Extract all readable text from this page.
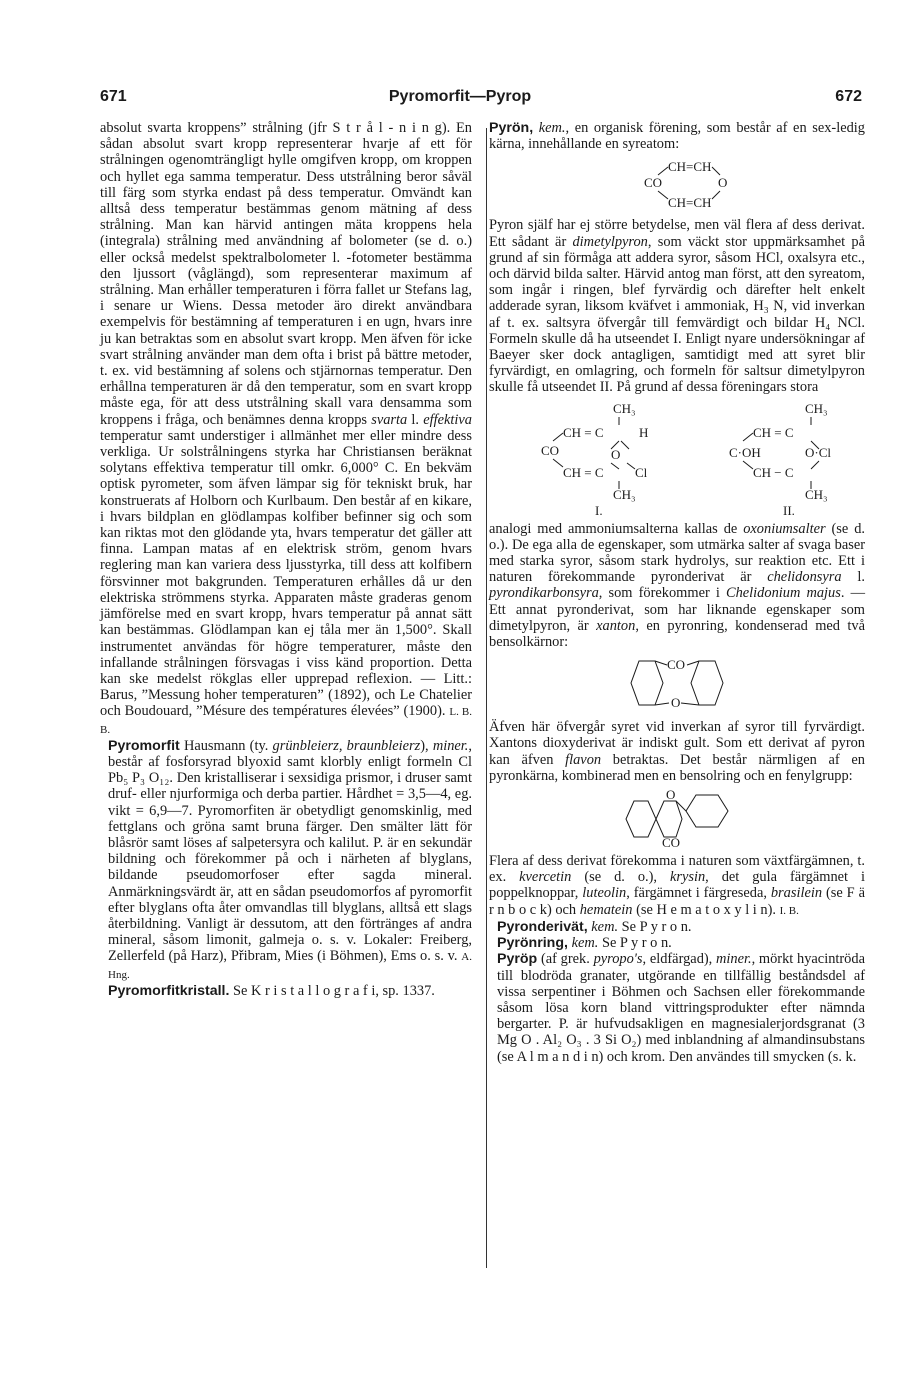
671	Pyromorfit—Pyrop	672

absolut svarta kroppens” strålning (jfr S t r å l - n i n g). En sådan absolut svart kropp representerar hvarje af ett för strålningen ogenomträngligt hylle omgifven kropp, om kroppen och hyllet ega samma temperatur. Dess utstrålning beror såväl till färg som styrka endast på dess temperatur. Omvändt kan alltså dess temperatur bestämmas genom mätning af dess strålning. Man kan härvid antingen mäta kroppens hela (integrala) strålning med användning af bolometer (se d. o.) eller också medelst spektralbolometer l. -fotometer bestämma den ljussort (våglängd), som representerar maximum af strålning. Man erhåller temperaturen i förra fallet ur Stefans lag, i senare ur Wiens. Dessa metoder äro direkt användbara exempelvis för bestämning af temperaturen i en ugn, hvars inre ju kan betraktas som en absolut svart kropp. Men äfven för icke svart strålning använder man dem ofta i brist på bättre metoder, t. ex. vid bestämning af solens och stjärnornas temperatur. Den erhållna temperaturen är då den temperatur, som en svart kropp måste ega, för att dess utstrålning skall vara densamma som kroppens i fråga, och benämnes denna kropps svarta l. effektiva temperatur samt understiger i allmänhet mer eller mindre dess verkliga. Ur solstrålningens styrka har Christiansen beräknat solytans effektiva temperatur till omkr. 6,000° C. En bekväm optisk pyrometer, som äfven lämpar sig för tekniskt bruk, har konstruerats af Holborn och Kurlbaum. Den består af en kikare, i hvars bildplan en glödlampas kolfiber befinner sig och som kan riktas mot den glödande yta, hvars temperatur det gäller att finna. Lampan matas af en elektrisk ström, genom hvars reglering man kan variera dess ljusstyrka, till dess att kolfibern försvinner mot bakgrunden. Temperaturen erhålles då ur den elektriska strömmens styrka. Apparaten måste graderas genom jämförelse med en svart kropp, hvars temperatur på annat sätt kan bestämmas. Glödlampan kan ej tåla mer än 1,500°. Skall instrumentet användas för högre temperaturer, måste den infallande strålningen försvagas i viss känd proportion. Detta kan ske medelst rökglas eller upprepad reflexion. — Litt.: Barus, ”Messung hoher temperaturen” (1892), och Le Chatelier och Boudouard, ”Mésure des températures élevées” (1900). L. B. B.

Pyromorfit Hausmann (ty. grünbleierz, braunbleierz), miner., består af fosforsyrad blyoxid samt klorbly enligt formeln Cl Pb₅ P₃ O₁₂. Den kristalliserar i sexsidiga prismor, i druser samt druf- eller njurformiga och derba partier. Hårdhet = 3,5—4, eg. vikt = 6,9—7. Pyromorfiten är obetydligt genomskinlig, med fettglans och gröna samt bruna färger. Den smälter lätt för blåsrör samt löses af salpetersyra och kalilut. P. är en sekundär bildning och förekommer på och i närheten af blyglans, bildande pseudomorfoser efter sagda mineral. Anmärkningsvärdt är, att en sådan pseudomorfos af pyromorfit efter blyglans ofta åter omvandlas till blyglans, alltså ett slags återbildning. Vanligt är dessutom, att den förtränges af andra mineral, såsom limonit, galmeja o. s. v. Lokaler: Freiberg, Zellerfeld (på Harz), Přibram, Mies (i Böhmen), Ems o. s. v. A. Hng.

Pyromorfitkristall. Se K r i s t a l l o g r a f i, sp. 1337.

Pyrön, kem., en organisk förening, som består af en sex-ledig kärna, innehållande en syreatom:

CH=CH
CO	O
CH=CH

Pyron själf har ej större betydelse, men väl flera af dess derivat. Ett sådant är dimetylpyron, som väckt stor uppmärksamhet på grund af sin förmåga att addera syror, såsom HCl, oxalsyra etc., och därvid bilda salter. Härvid antog man först, att den syreatom, som ingår i ringen, blef fyrvärdig och därefter helt enkelt adderade syran, liksom kväfvet i ammoniak, H₃ N, vid inverkan af t. ex. saltsyra öfvergår till femvärdigt och bildar H₄ NCl. Formeln skulle då ha utseendet I. Enligt nyare undersökningar af Baeyer sker dock antagligen, samtidigt med att syret blir fyrvärdigt, en omlagring, och formeln för saltsur dimetylpyron skulle få utseendet II. På grund af dessa föreningars stora

CH₃
CH = C	H
CO	O
CH = C Cl
CH₃
I.
CH₃
CH = C
C·OH	O·Cl
CH − C
CH₃
II.

analogi med ammoniumsalterna kallas de oxoniumsalter (se d. o.). De ega alla de egenskaper, som utmärka salter af svaga baser med starka syror, såsom stark hydrolys, sur reaktion etc. Ett i naturen förekommande pyronderivat är chelidonsyra l. pyrondikarbonsyra, som förekommer i Chelidonium majus. — Ett annat pyronderivat, som har liknande egenskaper som dimetylpyron, är xanton, en pyronring, kondenserad med två bensolkärnor:

CO
O

Äfven här öfvergår syret vid inverkan af syror till fyrvärdigt. Xantons dioxyderivat är indiskt gult. Som ett derivat af pyron kan äfven flavon betraktas. Det består närmligen af en pyronkärna, kombinerad men en bensolring och en fenylgrupp:

O
CO

Flera af dess derivat förekomma i naturen som växtfärgämnen, t. ex. kvercetin (se d. o.), krysin, det gula färgämnet i poppelknoppar, luteolin, färgämnet i färgreseda, brasilein (se F ä r n b o c k) och hematein (se H e m a t o x y l i n). I. B.

Pyronderivät, kem. Se P y r o n.

Pyrönring, kem. Se P y r o n.

Pyröp (af grek. pyropo's, eldfärgad), miner., mörkt hyacintröda till blodröda granater, utgörande en tillfällig beståndsdel af vissa serpentiner i Böhmen och Sachsen eller förekommande såsom lösa korn bland vittringsprodukter efter nämnda bergarter. P. är hufvudsakligen en magnesialerjordsgranat (3 Mg O . Al₂ O₃ . 3 Si O₂) med inblandning af almandinsubstans (se A l m a n d i n) och krom. Den användes till smycken (s. k.
